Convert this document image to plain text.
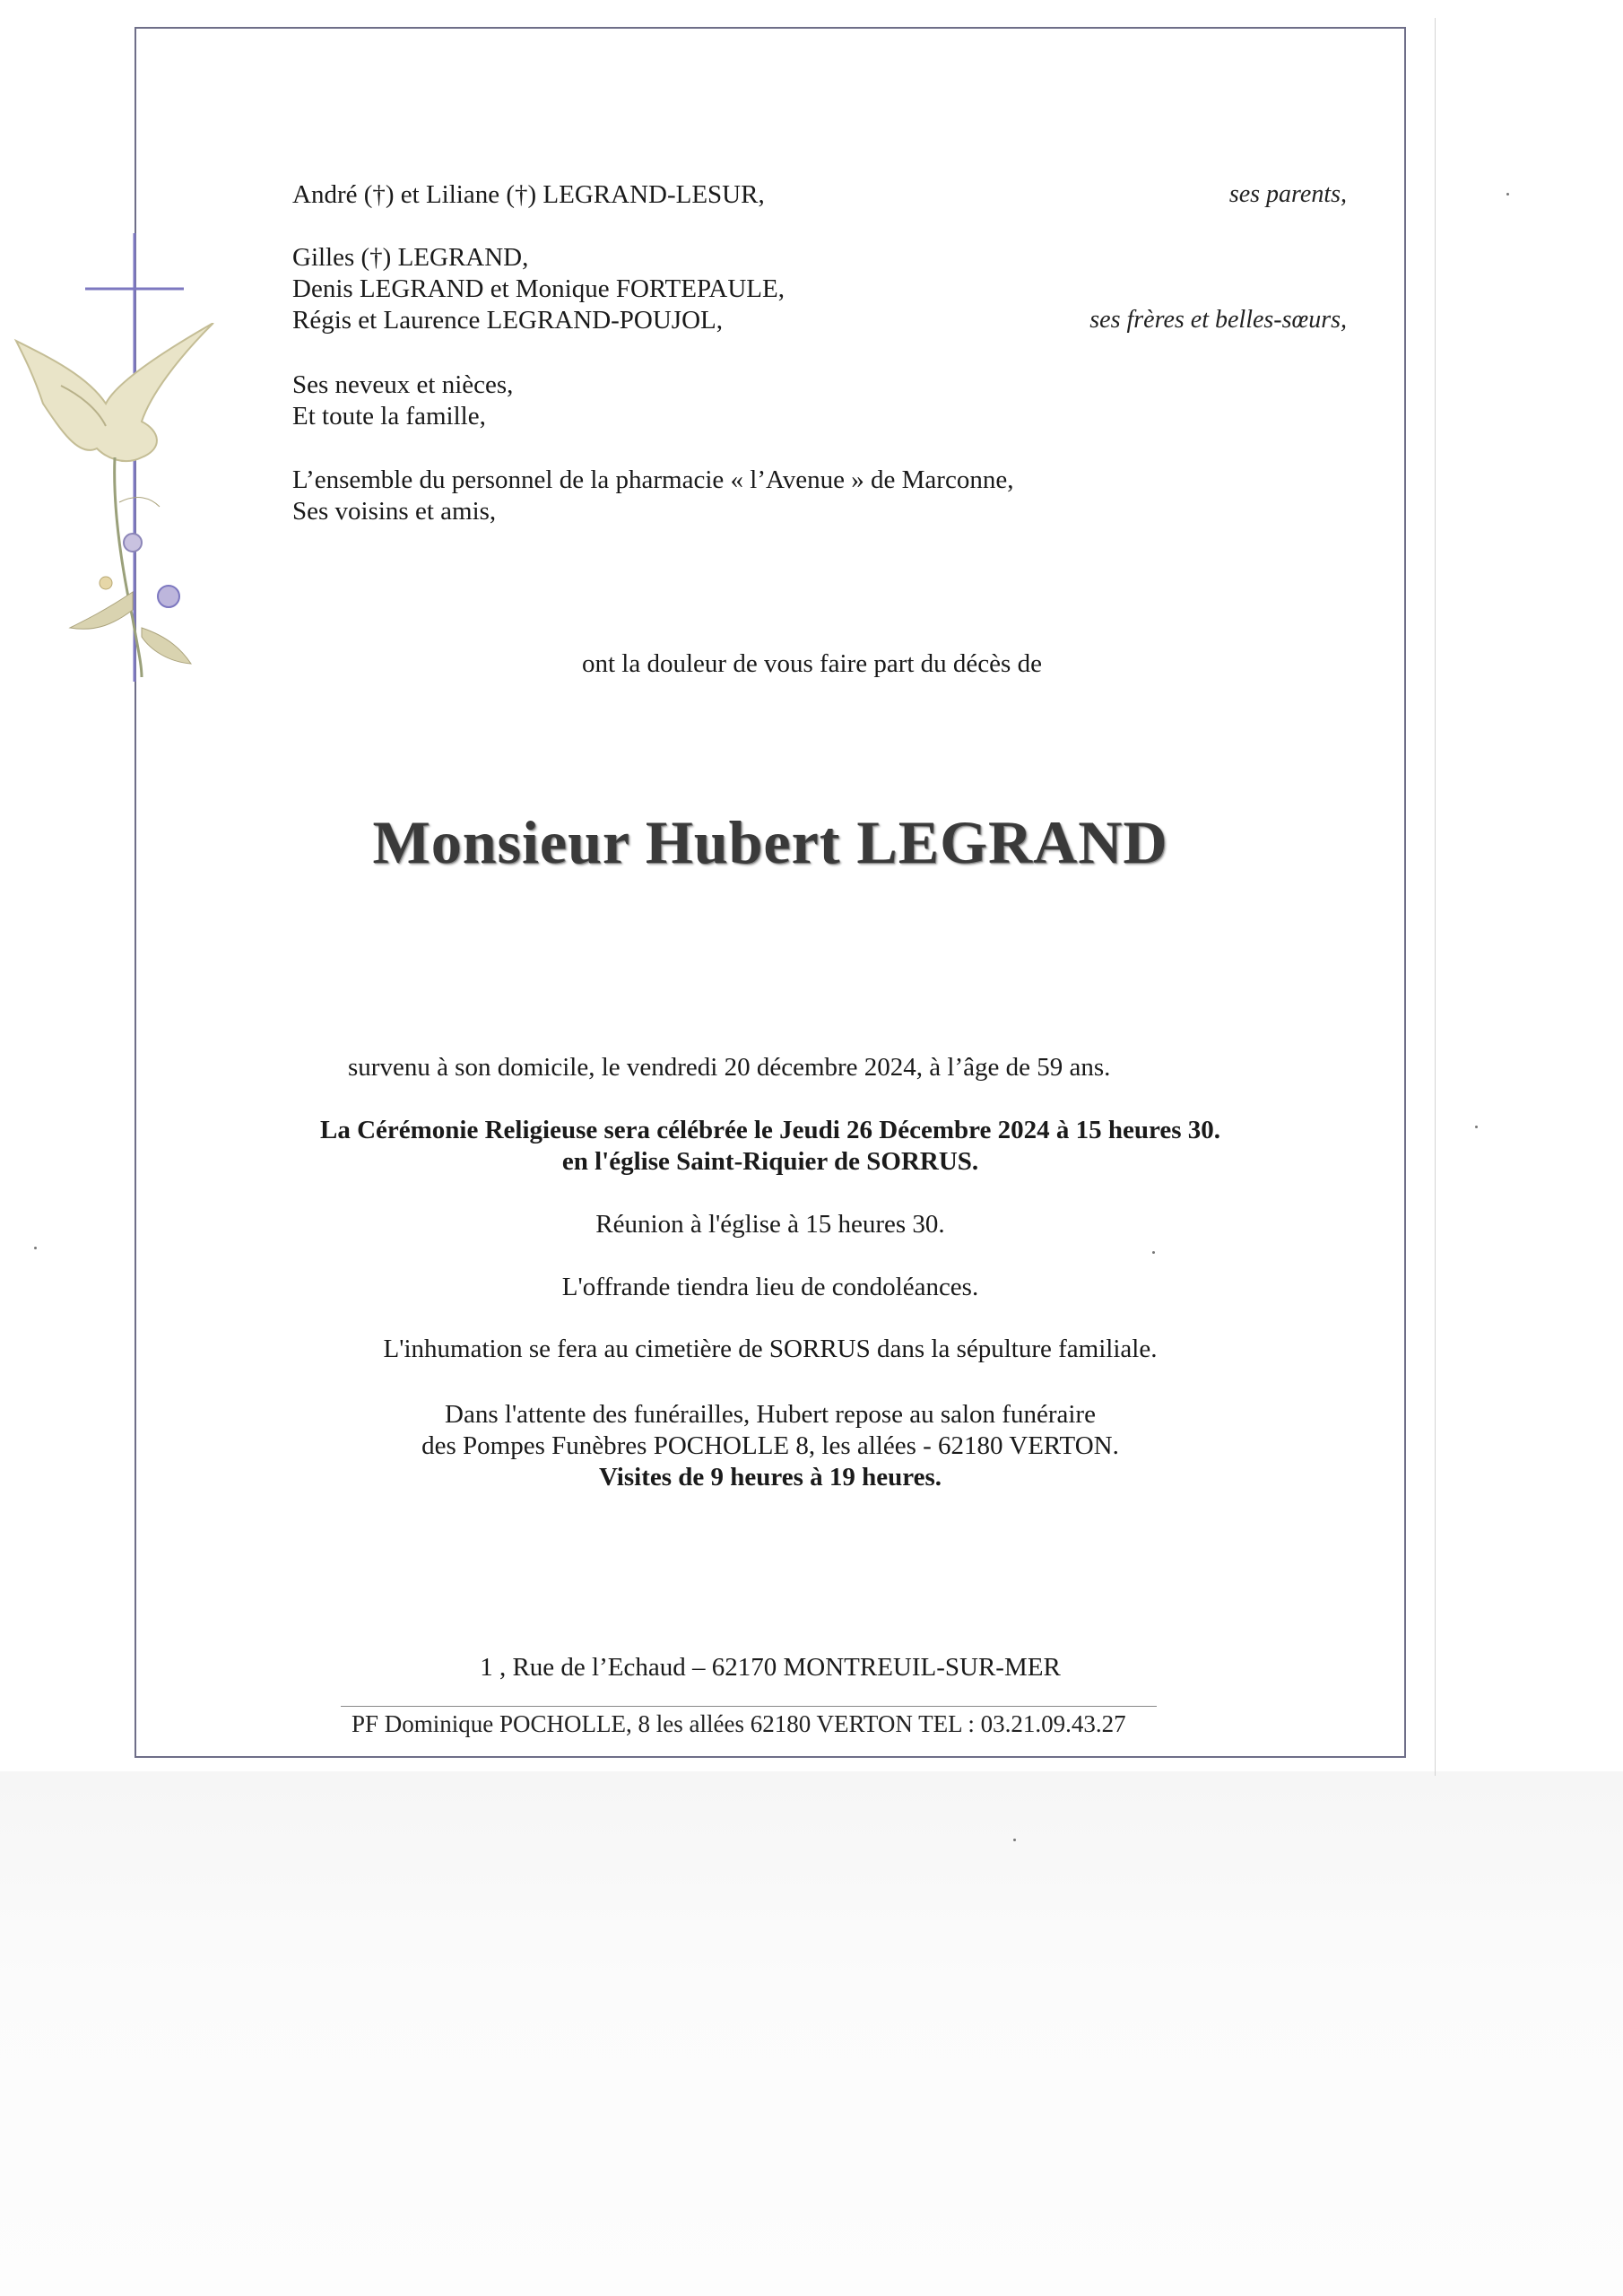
André (†) et Liliane (†) LEGRAND-LESUR,	ses parents,
Gilles (†) LEGRAND,
Denis LEGRAND et Monique FORTEPAULE,
Régis et Laurence LEGRAND-POUJOL,	ses frères et belles-sœurs,
Ses neveux et nièces,
Et toute la famille,
L’ensemble du personnel de la pharmacie « l’Avenue » de Marconne,
Ses voisins et amis,
ont la douleur de vous faire part du décès de
Monsieur Hubert LEGRAND
survenu à son domicile, le vendredi 20 décembre 2024, à l’âge de 59 ans.
La Cérémonie Religieuse sera célébrée le Jeudi 26 Décembre 2024 à 15 heures 30.
en l'église Saint-Riquier de SORRUS.
Réunion à l'église à 15 heures 30.
L'offrande tiendra lieu de condoléances.
L'inhumation se fera au cimetière de SORRUS dans la sépulture familiale.
Dans l'attente des funérailles, Hubert repose au salon funéraire
des Pompes Funèbres POCHOLLE 8, les allées - 62180 VERTON.
Visites de 9 heures à 19 heures.
1 , Rue de l’Echaud – 62170 MONTREUIL-SUR-MER
PF Dominique POCHOLLE, 8 les allées 62180 VERTON TEL : 03.21.09.43.27
